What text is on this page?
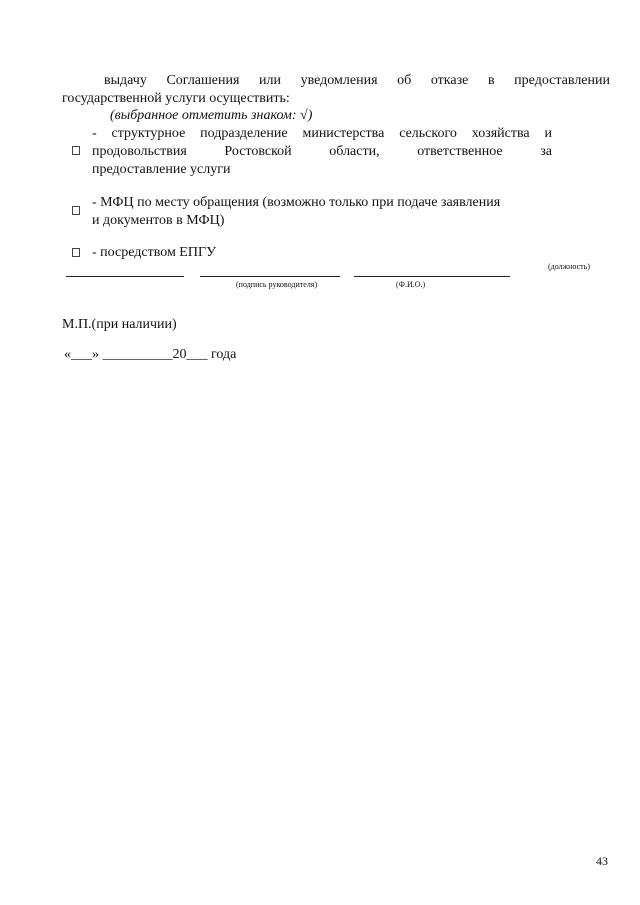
выдачу Соглашения или уведомления об отказе в предоставлении
государственной услуги осуществить:
(выбранное отметить знаком: √)
- структурное подразделение министерства сельского хозяйства и
продовольствия Ростовской области, ответственное за
предоставление услуги
- МФЦ по месту обращения (возможно только при подаче заявления
и документов в МФЦ)
- посредством ЕПГУ
(должность)
(подпись руководителя)	(Ф.И.О.)
М.П.(при наличии)
«___» __________20___ года
43
